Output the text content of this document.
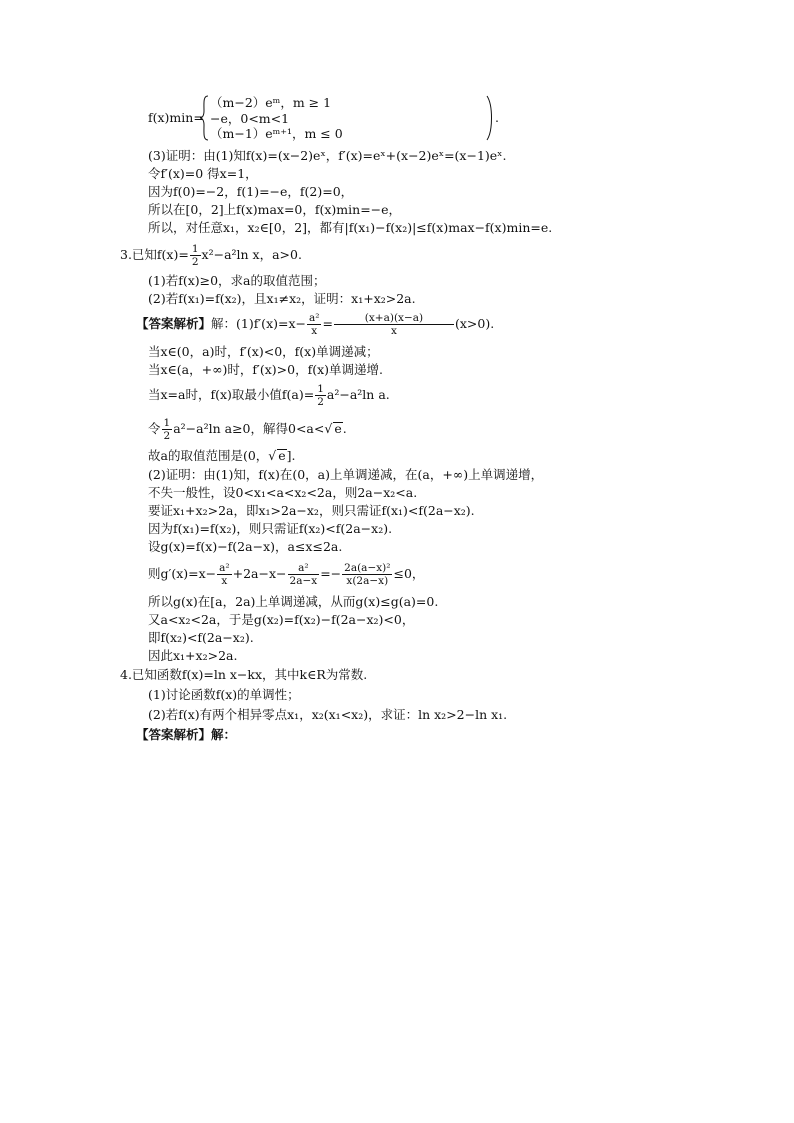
f(x)min=
（m−2）eᵐ，m ≥ 1
−e，0<m<1
（m−1）eᵐ⁺¹，m ≤ 0
.
(3)证明：由(1)知f(x)=(x−2)eˣ，f′(x)=eˣ+(x−2)eˣ=(x−1)eˣ.
令f′(x)=0 得x=1，
因为f(0)=−2，f(1)=−e，f(2)=0，
所以在[0，2]上f(x)max=0，f(x)min=−e，
所以，对任意x₁，x₂∈[0，2]，都有|f(x₁)−f(x₂)|≤f(x)max−f(x)min=e.
3.已知$f(x)= \frac{1}{2} x^2-a^2\ln$ x，a>0.
(1)若f(x)≥0，求a的取值范围；
(2)若f(x₁)=f(x₂)，且x₁≠x₂，证明：x₁+x₂>2a.
【答案解析】解：$(1)f'(x)=x- \frac{\text{a²}}{x} = \frac{(x+a)(x-a)}{x} (x>0)$.
当x∈(0，a)时，f′(x)<0，f(x)单调递减；
当x∈(a，+∞)时，f′(x)>0，f(x)单调递增.
当x=a时，f(x)取最小值$f(a)= \frac{1}{2} a^2-a^2\ln$ a.
令 $\frac{1}{2} a^2-a^2\ln$ a≥0，解得0<a<√ e.
故a的取值范围是(0，√ e].
(2)证明：由(1)知，f(x)在(0，a)上单调递减，在(a，+∞)上单调递增，
不失一般性，设0<x₁<a<x₂<2a，则2a−x₂<a.
要证x₁+x₂>2a，即x₁>2a−x₂，则只需证f(x₁)<f(2a−x₂).
因为f(x₁)=f(x₂)，则只需证f(x₂)<f(2a−x₂).
设g(x)=f(x)−f(2a−x)，a≤x≤2a.
则$g'(x)=x- \frac{\text{a²}}{x} +2a-x- \frac{\text{a²}}{2a-x} =- \frac{\text{2a(a−x)²}}{x(2a-x)} \le 0$，
所以g(x)在[a，2a)上单调递减，从而g(x)≤g(a)=0.
又a<x₂<2a，于是g(x₂)=f(x₂)−f(2a−x₂)<0，
即f(x₂)<f(2a−x₂).
因此x₁+x₂>2a.
4.已知函数f(x)=ln x−kx，其中k∈R为常数.
(1)讨论函数f(x)的单调性；
(2)若f(x)有两个相异零点x₁，x₂(x₁<x₂)，求证：ln x₂>2−ln x₁.
【答案解析】解：
